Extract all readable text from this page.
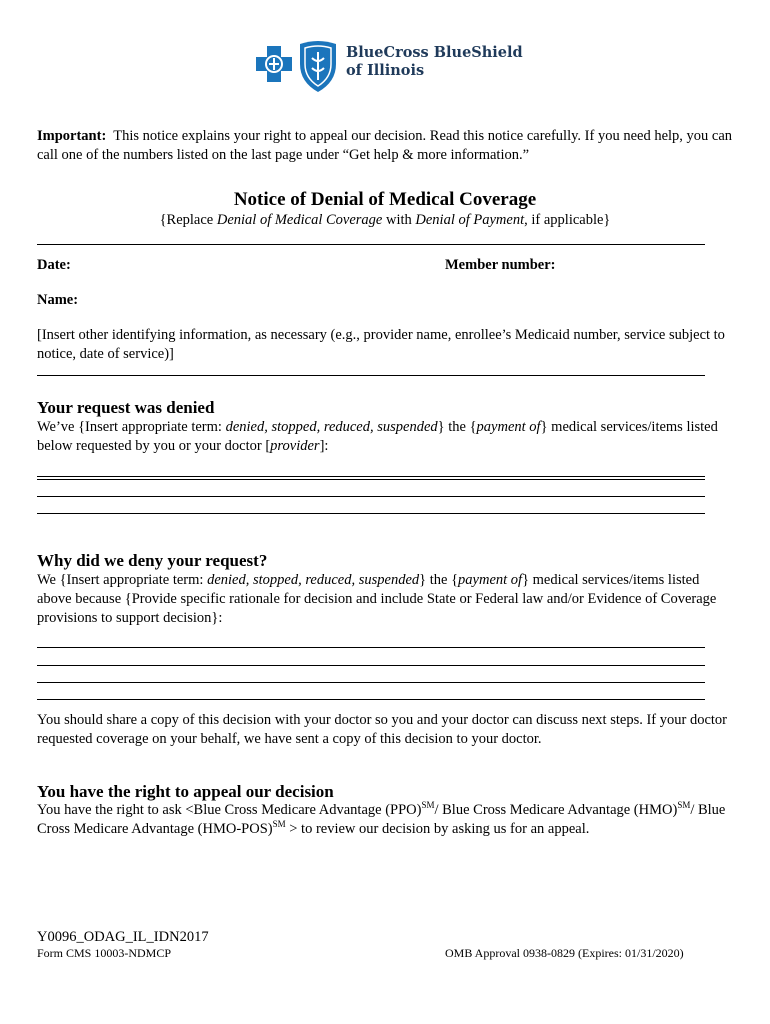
BlueCross BlueShield
of Illinois
Important: This notice explains your right to appeal our decision. Read this notice carefully. If you need help, you can call one of the numbers listed on the last page under “Get help & more information.”
Notice of Denial of Medical Coverage
{Replace Denial of Medical Coverage with Denial of Payment, if applicable}
Date:	Member number:
Name:
[Insert other identifying information, as necessary (e.g., provider name, enrollee’s Medicaid number, service subject to notice, date of service)]
Your request was denied
We’ve {Insert appropriate term: denied, stopped, reduced, suspended} the {payment of} medical services/items listed below requested by you or your doctor [provider]:
Why did we deny your request?
We {Insert appropriate term: denied, stopped, reduced, suspended} the {payment of} medical services/items listed above because {Provide specific rationale for decision and include State or Federal law and/or Evidence of Coverage provisions to support decision}:
You should share a copy of this decision with your doctor so you and your doctor can discuss next steps. If your doctor requested coverage on your behalf, we have sent a copy of this decision to your doctor.
You have the right to appeal our decision
You have the right to ask <Blue Cross Medicare Advantage (PPO)℠/ Blue Cross Medicare Advantage (HMO)℠/ Blue Cross Medicare Advantage (HMO-POS)℠ > to review our decision by asking us for an appeal.
Y0096_ODAG_IL_IDN2017
Form CMS 10003-NDMCP	OMB Approval 0938-0829 (Expires: 01/31/2020)
